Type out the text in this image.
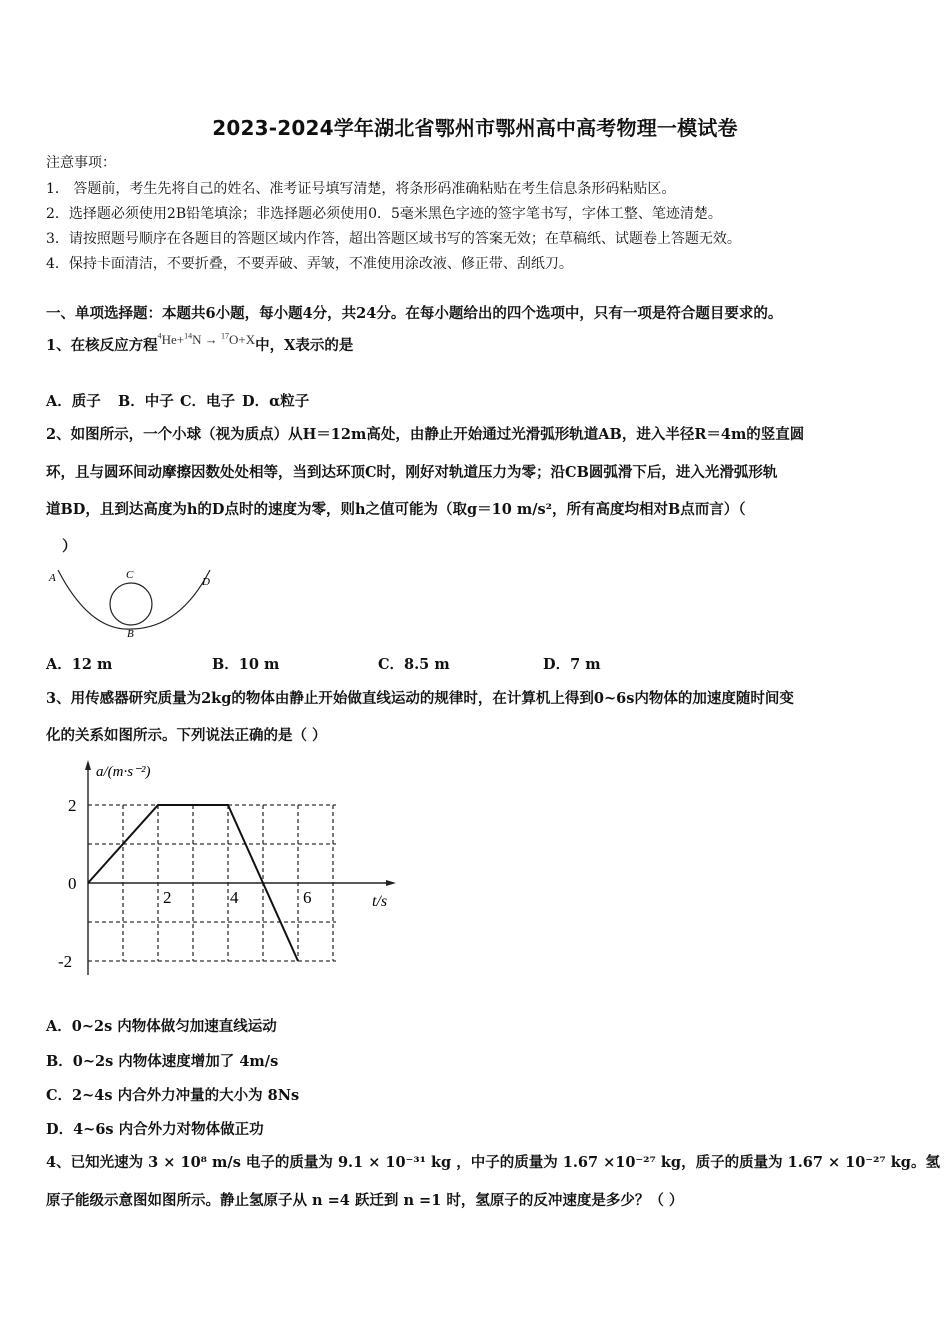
2023-2024学年湖北省鄂州市鄂州高中高考物理一模试卷
注意事项：
1． 答题前，考生先将自己的姓名、准考证号填写清楚，将条形码准确粘贴在考生信息条形码粘贴区。
2．选择题必须使用2B铅笔填涂；非选择题必须使用0．5毫米黑色字迹的签字笔书写，字体工整、笔迹清楚。
3．请按照题号顺序在各题目的答题区域内作答，超出答题区域书写的答案无效；在草稿纸、试题卷上答题无效。
4．保持卡面清洁，不要折叠，不要弄破、弄皱，不准使用涂改液、修正带、刮纸刀。
一、单项选择题：本题共6小题，每小题4分，共24分。在每小题给出的四个选项中，只有一项是符合题目要求的。
1、在核反应方程$^4$He+$^{14}$N → $^{17}$O+X中，X表示的是
A．质子 B．中子 C．电子 D．α粒子
2、如图所示，一个小球（视为质点）从H＝12m高处，由静止开始通过光滑弧形轨道AB，进入半径R＝4m的竖直圆
环，且与圆环间动摩擦因数处处相等，当到达环顶C时，刚好对轨道压力为零；沿CB圆弧滑下后，进入光滑弧形轨
道BD，且到达高度为h的D点时的速度为零，则h之值可能为（取g＝10 m/s²，所有高度均相对B点而言）（
）
A	C
D
B
A．12 m	B．10 m	C．8.5 m	D．7 m
3、用传感器研究质量为2kg的物体由静止开始做直线运动的规律时，在计算机上得到0~6s内物体的加速度随时间变
化的关系如图所示。下列说法正确的是（ ）
a/(m·s⁻²)
2
0
-2
2	4	6	t/s
A．0~2s 内物体做匀加速直线运动
B．0~2s 内物体速度增加了 4m/s
C．2~4s 内合外力冲量的大小为 8Ns
D．4~6s 内合外力对物体做正功
4、已知光速为 3 × 10⁸ m/s 电子的质量为 9.1 × 10⁻³¹ kg ，中子的质量为 1.67 ×10⁻²⁷ kg，质子的质量为 1.67 × 10⁻²⁷ kg。氢
原子能级示意图如图所示。静止氢原子从 n =4 跃迁到 n =1 时，氢原子的反冲速度是多少？（ ）
